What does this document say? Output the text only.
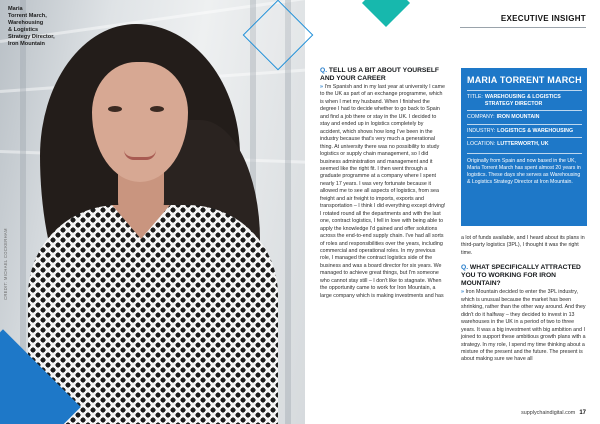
Maria
Torrent March,
Warehousing
& Logistics
Strategy Director,
Iron Mountain
CREDIT: MICHAEL COCKERHAM
EXECUTIVE INSIGHT
Q. TELL US A BIT ABOUT YOURSELF AND YOUR CAREER
» I'm Spanish and in my last year at university I came to the UK as part of an exchange programme, which is when I met my husband. When I finished the degree I had to decide whether to go back to Spain and find a job there or stay in the UK. I decided to stay and ended up in logistics completely by accident, which shows how long I've been in the industry because that's very much a generational thing. At university there was no possibility to study logistics or supply chain management, so I did business administration and management and it seemed like the right fit. I then went through a graduate programme at a company where I spent nearly 17 years. I was very fortunate because it allowed me to see all aspects of logistics, from sea freight and air freight to imports, exports and transportation – I think I did everything except driving! I rotated round all the departments and with the last one, contract logistics, I fell in love with being able to apply the knowledge I'd gained and offer solutions across the end-to-end supply chain. I've had all sorts of roles and responsibilities over the years, including commercial and operational roles. In my previous role, I managed the contract logistics side of the business and was a board director for six years. We managed to achieve great things, but I'm someone who cannot stay still – I don't like to stagnate. When the opportunity came to work for Iron Mountain, a large company which is making investments and has
MARIA TORRENT MARCH
TITLE: WAREHOUSING & LOGISTICS STRATEGY DIRECTOR
COMPANY: IRON MOUNTAIN
INDUSTRY: LOGISTICS & WAREHOUSING
LOCATION: LUTTERWORTH, UK
Originally from Spain and now based in the UK, Maria Torrent March has spent almost 20 years in logistics. These days she serves as Warehousing & Logistics Strategy Director at Iron Mountain.
a lot of funds available, and I heard about its plans in third-party logistics (3PL), I thought it was the right time.
Q. WHAT SPECIFICALLY ATTRACTED YOU TO WORKING FOR IRON MOUNTAIN?
» Iron Mountain decided to enter the 3PL industry, which is unusual because the market has been shrinking, rather than the other way around. And they didn't do it halfway – they decided to invest in 13 warehouses in the UK in a period of two to three years. It was a big investment with big ambition and I joined to support these ambitious growth plans with a strategy. In my role, I spend my time thinking about a mixture of the present and the future. The present is about making sure we have all
supplychaindigital.com 17
